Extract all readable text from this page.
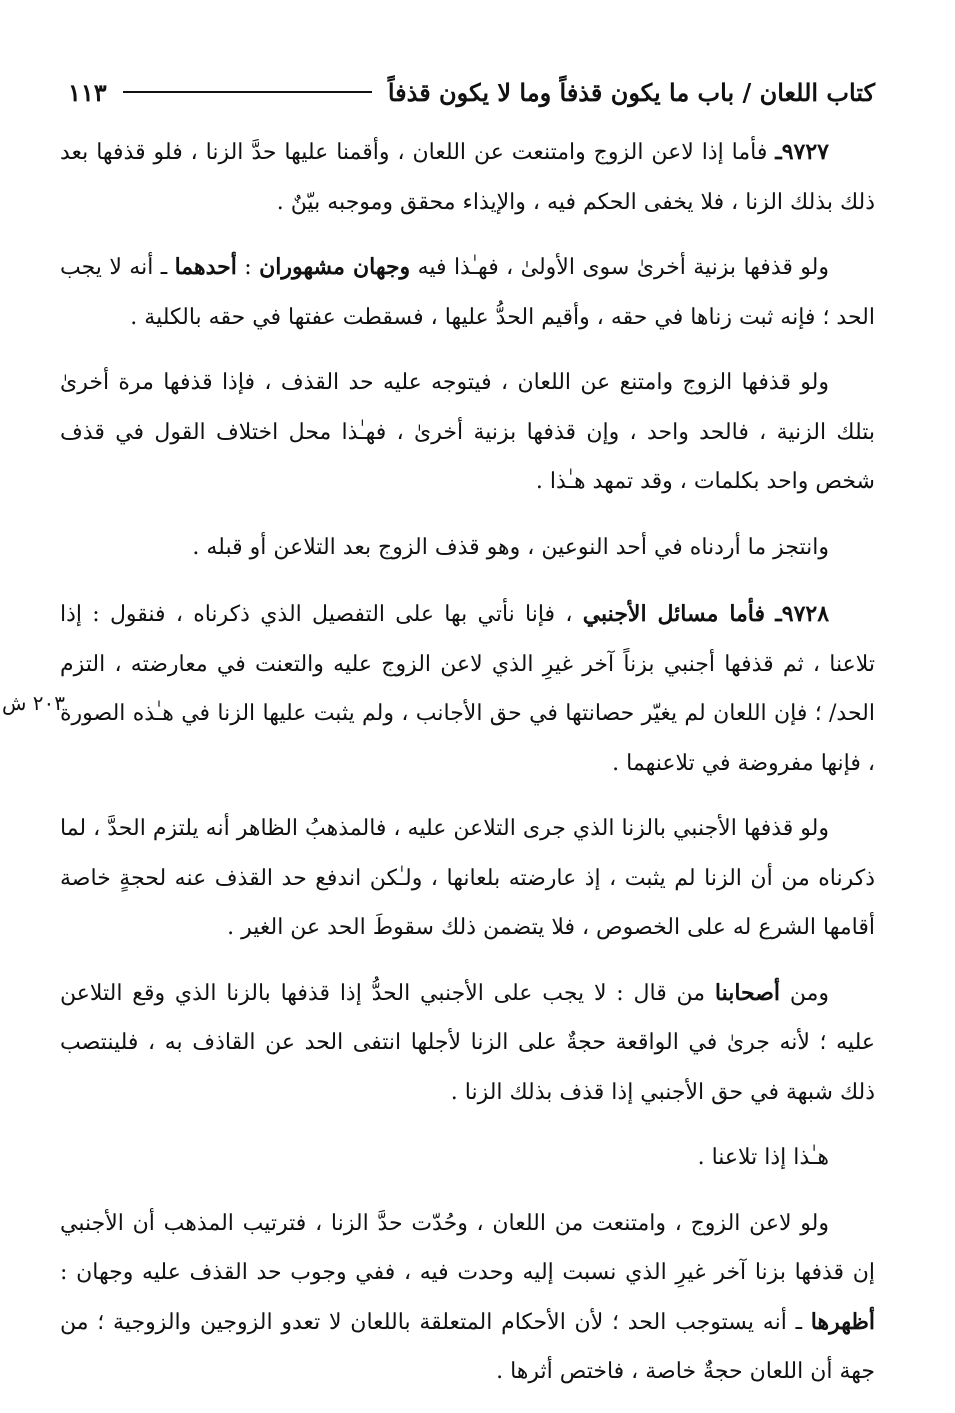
كتاب اللعان / باب ما يكون قذفاً وما لا يكون قذفاً
١١٣

٩٧٢٧ـ فأما إذا لاعن الزوج وامتنعت عن اللعان ، وأقمنا عليها حدَّ الزنا ، فلو قذفها بعد ذلك بذلك الزنا ، فلا يخفى الحكم فيه ، والإيذاء محقق وموجبه بيّنٌ .

ولو قذفها بزنية أخرىٰ سوى الأولىٰ ، فهـٰذا فيه وجهان مشهوران : أحدهما ـ أنه لا يجب الحد ؛ فإنه ثبت زناها في حقه ، وأقيم الحدُّ عليها ، فسقطت عفتها في حقه بالكلية .

ولو قذفها الزوج وامتنع عن اللعان ، فيتوجه عليه حد القذف ، فإذا قذفها مرة أخرىٰ بتلك الزنية ، فالحد واحد ، وإن قذفها بزنية أخرىٰ ، فهـٰذا محل اختلاف القول في قذف شخص واحد بكلمات ، وقد تمهد هـٰذا .

وانتجز ما أردناه في أحد النوعين ، وهو قذف الزوج بعد التلاعن أو قبله .

٩٧٢٨ـ فأما مسائل الأجنبي ، فإنا نأتي بها على التفصيل الذي ذكرناه ، فنقول : إذا تلاعنا ، ثم قذفها أجنبي بزناً آخر غيرِ الذي لاعن الزوج عليه والتعنت في معارضته ، التزم الحد/ ؛ فإن اللعان لم يغيّر حصانتها في حق الأجانب ، ولم يثبت عليها الزنا في هـٰذه الصورة ، فإنها مفروضة في تلاعنهما .

ولو قذفها الأجنبي بالزنا الذي جرى التلاعن عليه ، فالمذهبُ الظاهر أنه يلتزم الحدَّ ، لما ذكرناه من أن الزنا لم يثبت ، إذ عارضته بلعانها ، ولـٰكن اندفع حد القذف عنه لحجةٍ خاصة أقامها الشرع له على الخصوص ، فلا يتضمن ذلك سقوطَ الحد عن الغير .

ومن أصحابنا من قال : لا يجب على الأجنبي الحدُّ إذا قذفها بالزنا الذي وقع التلاعن عليه ؛ لأنه جرىٰ في الواقعة حجةٌ على الزنا لأجلها انتفى الحد عن القاذف به ، فلينتصب ذلك شبهة في حق الأجنبي إذا قذف بذلك الزنا .

هـٰذا إذا تلاعنا .

ولو لاعن الزوج ، وامتنعت من اللعان ، وحُدّت حدَّ الزنا ، فترتيب المذهب أن الأجنبي إن قذفها بزنا آخر غيرِ الذي نسبت إليه وحدت فيه ، ففي وجوب حد القذف عليه وجهان : أظهرها ـ أنه يستوجب الحد ؛ لأن الأحكام المتعلقة باللعان لا تعدو الزوجين والزوجية ؛ من جهة أن اللعان حجةٌ خاصة ، فاختص أثرها .

٢٠٣ ش
